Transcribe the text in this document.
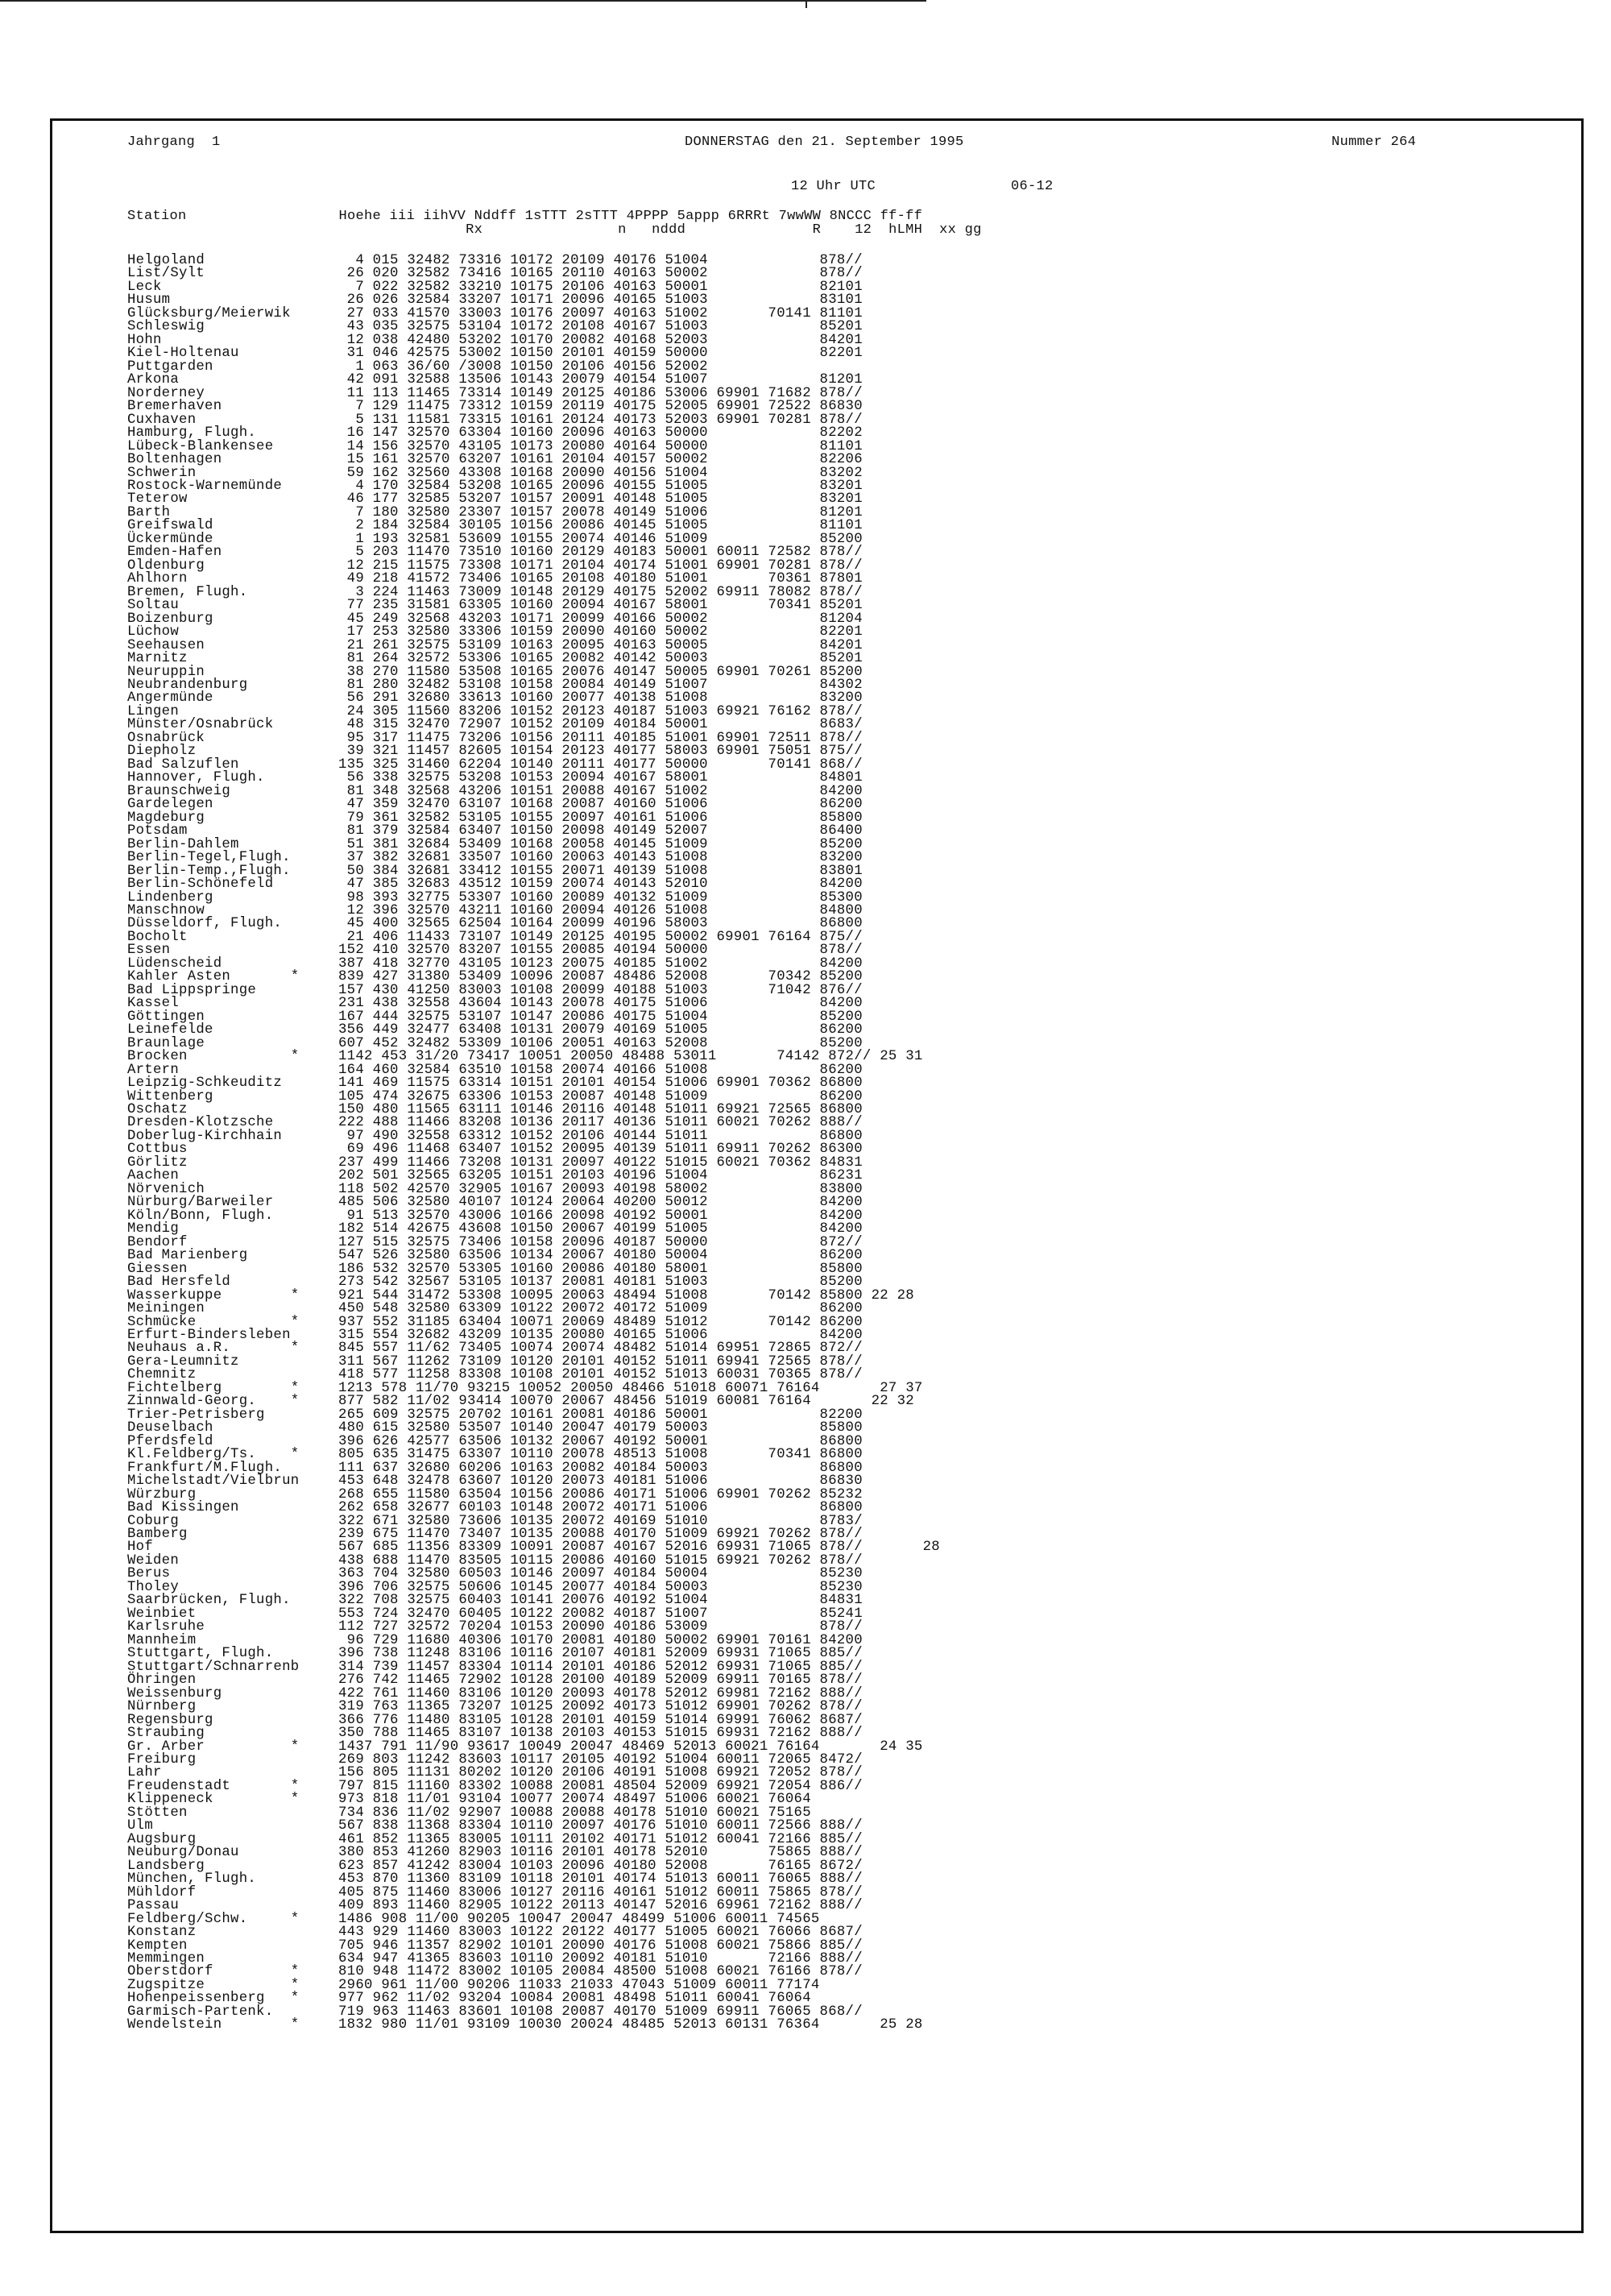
Jahrgang  1	DONNERSTAG den 21. September 1995	Nummer 264
12 Uhr UTC                06-12
Station                  Hoehe iii iihVV Nddff 1sTTT 2sTTT 4PPPP 5appp 6RRRt 7wwWW 8NCCC ff-ff
Rx                n   nddd               R    12  hLMH  xx gg
Helgoland	4 015 32482 73316 10172 20109 40176 51004             878//
List/Sylt	26 020 32582 73416 10165 20110 40163 50002             878//
Leck	7 022 32582 33210 10175 20106 40163 50001             82101
Husum	26 026 32584 33207 10171 20096 40165 51003             83101
Glücksburg/Meierwik	27 033 41570 33003 10176 20097 40163 51002       70141 81101
Schleswig	43 035 32575 53104 10172 20108 40167 51003             85201
Hohn	12 038 42480 53202 10170 20082 40168 52003             84201
Kiel-Holtenau	31 046 42575 53002 10150 20101 40159 50000             82201
Puttgarden	1 063 36/60 /3008 10150 20106 40156 52002
Arkona	42 091 32588 13506 10143 20079 40154 51007             81201
Norderney	11 113 11465 73314 10149 20125 40186 53006 69901 71682 878//
Bremerhaven	7 129 11475 73312 10159 20119 40175 52005 69901 72522 86830
Cuxhaven	5 131 11581 73315 10161 20124 40173 52003 69901 70281 878//
Hamburg, Flugh.	16 147 32570 63304 10160 20096 40163 50000             82202
Lübeck-Blankensee	14 156 32570 43105 10173 20080 40164 50000             81101
Boltenhagen	15 161 32570 63207 10161 20104 40157 50002             82206
Schwerin	59 162 32560 43308 10168 20090 40156 51004             83202
Rostock-Warnemünde	4 170 32584 53208 10165 20096 40155 51005             83201
Teterow	46 177 32585 53207 10157 20091 40148 51005             83201
Barth	7 180 32580 23307 10157 20078 40149 51006             81201
Greifswald	2 184 32584 30105 10156 20086 40145 51005             81101
Ückermünde	1 193 32581 53609 10155 20074 40146 51009             85200
Emden-Hafen	5 203 11470 73510 10160 20129 40183 50001 60011 72582 878//
Oldenburg	12 215 11575 73308 10171 20104 40174 51001 69901 70281 878//
Ahlhorn	49 218 41572 73406 10165 20108 40180 51001       70361 87801
Bremen, Flugh.	3 224 11463 73009 10148 20129 40175 52002 69911 78082 878//
Soltau	77 235 31581 63305 10160 20094 40167 58001       70341 85201
Boizenburg	45 249 32568 43203 10171 20099 40166 50002             81204
Lüchow	17 253 32580 33306 10159 20090 40160 50002             82201
Seehausen	21 261 32575 53109 10163 20095 40163 50005             84201
Marnitz	81 264 32572 53306 10165 20082 40142 50003             85201
Neuruppin	38 270 11580 53508 10165 20076 40147 50005 69901 70261 85200
Neubrandenburg	81 280 32482 53108 10158 20084 40149 51007             84302
Angermünde	56 291 32680 33613 10160 20077 40138 51008             83200
Lingen	24 305 11560 83206 10152 20123 40187 51003 69921 76162 878//
Münster/Osnabrück	48 315 32470 72907 10152 20109 40184 50001             8683/
Osnabrück	95 317 11475 73206 10156 20111 40185 51001 69901 72511 878//
Diepholz	39 321 11457 82605 10154 20123 40177 58003 69901 75051 875//
Bad Salzuflen	135 325 31460 62204 10140 20111 40177 50000       70141 868//
Hannover, Flugh.	56 338 32575 53208 10153 20094 40167 58001             84801
Braunschweig	81 348 32568 43206 10151 20088 40167 51002             84200
Gardelegen	47 359 32470 63107 10168 20087 40160 51006             86200
Magdeburg	79 361 32582 53105 10155 20097 40161 51006             85800
Potsdam	81 379 32584 63407 10150 20098 40149 52007             86400
Berlin-Dahlem	51 381 32684 53409 10168 20058 40145 51009             85200
Berlin-Tegel,Flugh.	37 382 32681 33507 10160 20063 40143 51008             83200
Berlin-Temp.,Flugh.	50 384 32681 33412 10155 20071 40139 51008             83801
Berlin-Schönefeld	47 385 32683 43512 10159 20074 40143 52010             84200
Lindenberg	98 393 32775 53307 10160 20089 40132 51009             85300
Manschnow	12 396 32570 43211 10160 20094 40126 51008             84800
Düsseldorf, Flugh.	45 400 32565 62504 10164 20099 40196 58003             86800
Bocholt	21 406 11433 73107 10149 20125 40195 50002 69901 76164 875//
Essen	152 410 32570 83207 10155 20085 40194 50000             878//
Lüdenscheid	387 418 32770 43105 10123 20075 40185 51002             84200
Kahler Asten       *	839 427 31380 53409 10096 20087 48486 52008       70342 85200
Bad Lippspringe	157 430 41250 83003 10108 20099 40188 51003       71042 876//
Kassel	231 438 32558 43604 10143 20078 40175 51006             84200
Göttingen	167 444 32575 53107 10147 20086 40175 51004             85200
Leinefelde	356 449 32477 63408 10131 20079 40169 51005             86200
Braunlage	607 452 32482 53309 10106 20051 40163 52008             85200
Brocken            *	1142 453 31/20 73417 10051 20050 48488 53011       74142 872// 25 31
Artern	164 460 32584 63510 10158 20074 40166 51008             86200
Leipzig-Schkeuditz	141 469 11575 63314 10151 20101 40154 51006 69901 70362 86800
Wittenberg	105 474 32675 63306 10153 20087 40148 51009             86200
Oschatz	150 480 11565 63111 10146 20116 40148 51011 69921 72565 86800
Dresden-Klotzsche	222 488 11466 83208 10136 20117 40136 51011 60021 70262 888//
Doberlug-Kirchhain	97 490 32558 63312 10152 20106 40144 51011             86800
Cottbus	69 496 11468 63407 10152 20095 40139 51011 69911 70262 86300
Görlitz	237 499 11466 73208 10131 20097 40122 51015 60021 70362 84831
Aachen	202 501 32565 63205 10151 20103 40196 51004             86231
Nörvenich	118 502 42570 32905 10167 20093 40198 58002             83800
Nürburg/Barweiler	485 506 32580 40107 10124 20064 40200 50012             84200
Köln/Bonn, Flugh.	91 513 32570 43006 10166 20098 40192 50001             84200
Mendig	182 514 42675 43608 10150 20067 40199 51005             84200
Bendorf	127 515 32575 73406 10158 20096 40187 50000             872//
Bad Marienberg	547 526 32580 63506 10134 20067 40180 50004             86200
Giessen	186 532 32570 53305 10160 20086 40180 58001             85800
Bad Hersfeld	273 542 32567 53105 10137 20081 40181 51003             85200
Wasserkuppe        *	921 544 31472 53308 10095 20063 48494 51008       70142 85800 22 28
Meiningen	450 548 32580 63309 10122 20072 40172 51009             86200
Schmücke           *	937 552 31185 63404 10071 20069 48489 51012       70142 86200
Erfurt-Bindersleben	315 554 32682 43209 10135 20080 40165 51006             84200
Neuhaus a.R.       *	845 557 11/62 73405 10074 20074 48482 51014 69951 72865 872//
Gera-Leumnitz	311 567 11262 73109 10120 20101 40152 51011 69941 72565 878//
Chemnitz	418 577 11258 83308 10108 20101 40152 51013 60031 70365 878//
Fichtelberg        *	1213 578 11/70 93215 10052 20050 48466 51018 60071 76164       27 37
Zinnwald-Georg.    *	877 582 11/02 93414 10070 20067 48456 51019 60081 76164       22 32
Trier-Petrisberg	265 609 32575 20702 10161 20081 40186 50001             82200
Deuselbach	480 615 32580 53507 10140 20047 40179 50003             85800
Pferdsfeld	396 626 42577 63506 10132 20067 40192 50001             86800
Kl.Feldberg/Ts.    *	805 635 31475 63307 10110 20078 48513 51008       70341 86800
Frankfurt/M.Flugh.	111 637 32680 60206 10163 20082 40184 50003             86800
Michelstadt/Vielbrun	453 648 32478 63607 10120 20073 40181 51006             86830
Würzburg	268 655 11580 63504 10156 20086 40171 51006 69901 70262 85232
Bad Kissingen	262 658 32677 60103 10148 20072 40171 51006             86800
Coburg	322 671 32580 73606 10135 20072 40169 51010             8783/
Bamberg	239 675 11470 73407 10135 20088 40170 51009 69921 70262 878//
Hof	567 685 11356 83309 10091 20087 40167 52016 69931 71065 878//       28
Weiden	438 688 11470 83505 10115 20086 40160 51015 69921 70262 878//
Berus	363 704 32580 60503 10146 20097 40184 50004             85230
Tholey	396 706 32575 50606 10145 20077 40184 50003             85230
Saarbrücken, Flugh.	322 708 32575 60403 10141 20076 40192 51004             84831
Weinbiet	553 724 32470 60405 10122 20082 40187 51007             85241
Karlsruhe	112 727 32572 70204 10153 20090 40186 53009             878//
Mannheim	96 729 11680 40306 10170 20081 40180 50002 69901 70161 84200
Stuttgart, Flugh.	396 738 11248 83106 10116 20107 40181 52009 69931 71065 885//
Stuttgart/Schnarrenb	314 739 11457 83304 10114 20101 40186 52012 69931 71065 885//
Öhringen	276 742 11465 72902 10128 20100 40189 52009 69911 70165 878//
Weissenburg	422 761 11460 83106 10120 20093 40178 52012 69981 72162 888//
Nürnberg	319 763 11365 73207 10125 20092 40173 51012 69901 70262 878//
Regensburg	366 776 11480 83105 10128 20101 40159 51014 69991 76062 8687/
Straubing	350 788 11465 83107 10138 20103 40153 51015 69931 72162 888//
Gr. Arber          *	1437 791 11/90 93617 10049 20047 48469 52013 60021 76164       24 35
Freiburg	269 803 11242 83603 10117 20105 40192 51004 60011 72065 8472/
Lahr	156 805 11131 80202 10120 20106 40191 51008 69921 72052 878//
Freudenstadt       *	797 815 11160 83302 10088 20081 48504 52009 69921 72054 886//
Klippeneck         *	973 818 11/01 93104 10077 20074 48497 51006 60021 76064
Stötten	734 836 11/02 92907 10088 20088 40178 51010 60021 75165
Ulm	567 838 11368 83304 10110 20097 40176 51010 60011 72566 888//
Augsburg	461 852 11365 83005 10111 20102 40171 51012 60041 72166 885//
Neuburg/Donau	380 853 41260 82903 10116 20101 40178 52010       75865 888//
Landsberg	623 857 41242 83004 10103 20096 40180 52008       76165 8672/
München, Flugh.	453 870 11360 83109 10118 20101 40174 51013 60011 76065 888//
Mühldorf	405 875 11460 83006 10127 20116 40161 51012 60011 75865 878//
Passau	409 893 11460 82905 10122 20113 40147 52016 69961 72162 888//
Feldberg/Schw.     *	1486 908 11/00 90205 10047 20047 48499 51006 60011 74565
Konstanz	443 929 11460 83003 10122 20122 40177 51005 60021 76066 8687/
Kempten	705 946 11357 82902 10101 20090 40176 51008 60021 75866 885//
Memmingen	634 947 41365 83603 10110 20092 40181 51010       72166 888//
Oberstdorf         *	810 948 11472 83002 10105 20084 48500 51008 60021 76166 878//
Zugspitze          *	2960 961 11/00 90206 11033 21033 47043 51009 60011 77174
Hohenpeissenberg   *	977 962 11/02 93204 10084 20081 48498 51011 60041 76064
Garmisch-Partenk.	719 963 11463 83601 10108 20087 40170 51009 69911 76065 868//
Wendelstein        *	1832 980 11/01 93109 10030 20024 48485 52013 60131 76364       25 28
